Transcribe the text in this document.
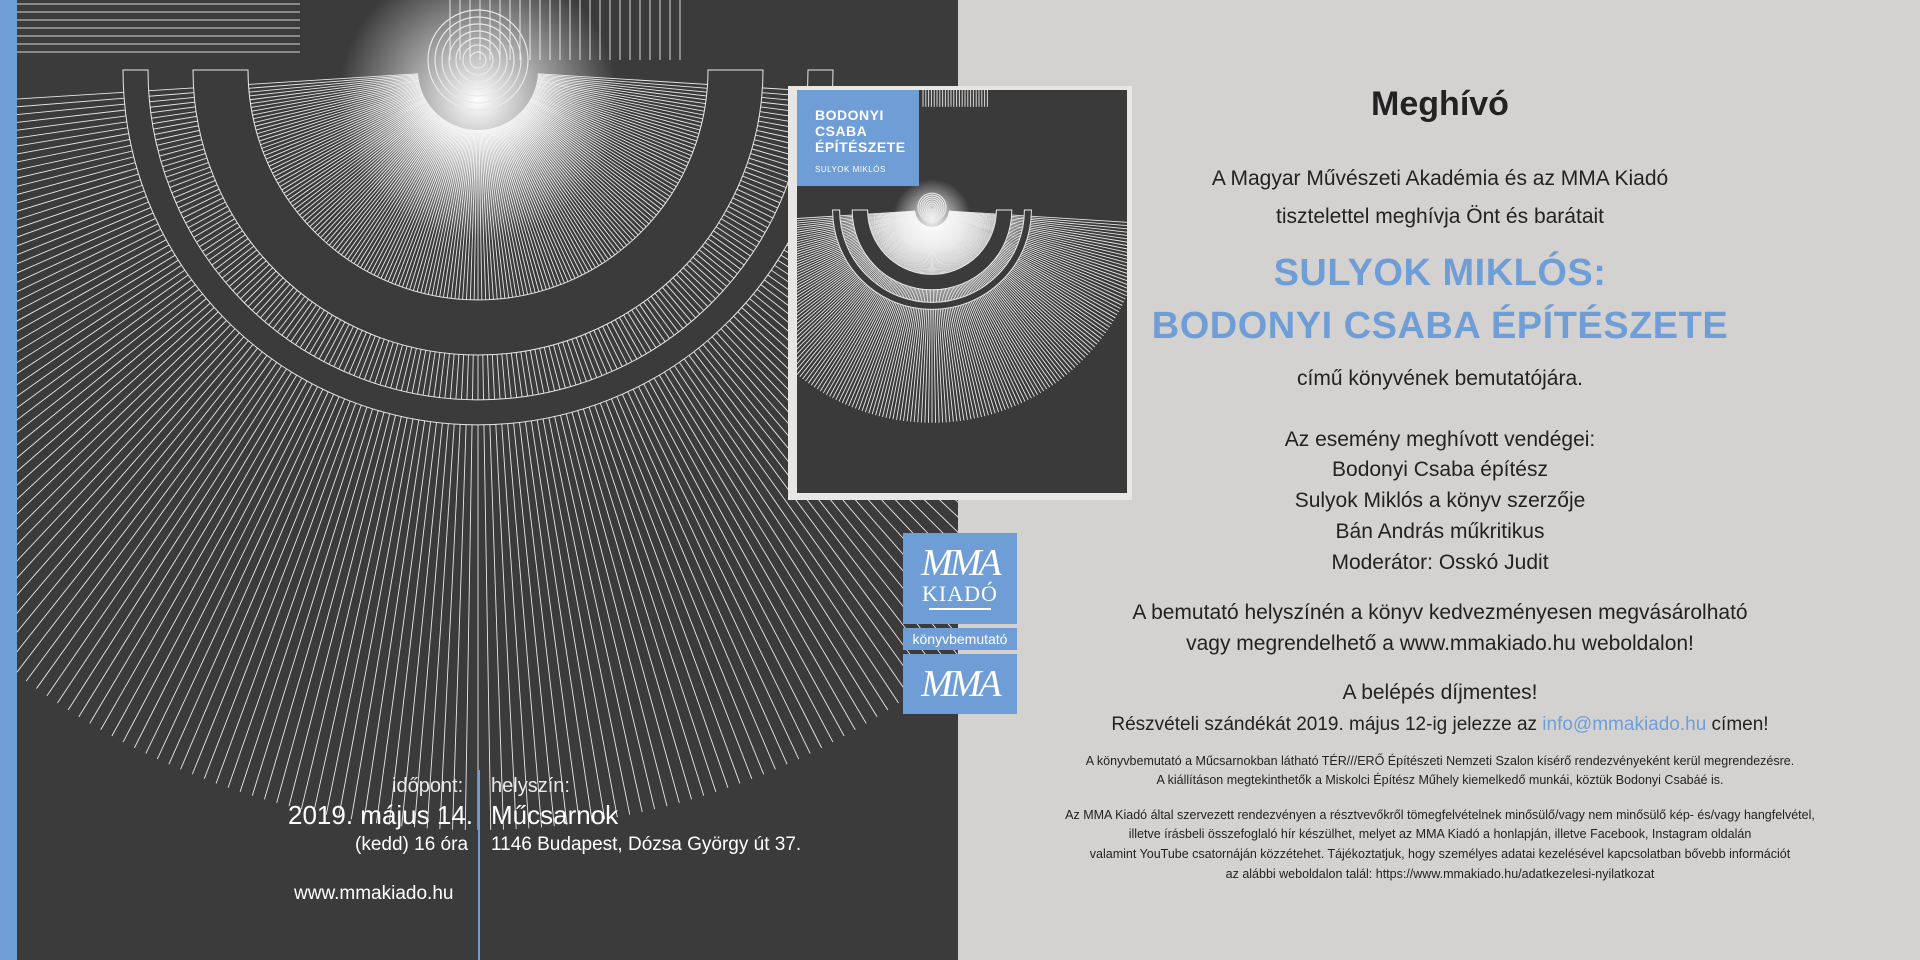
időpont:
2019. május 14.
(kedd) 16 óra
www.mmakiado.hu
helyszín:
Műcsarnok
1146 Budapest, Dózsa György út 37.
BODONYI
CSABA
ÉPÍTÉSZETE
SULYOK MIKLÓS
MMA
KIADÓ
könyvbemutató
MMA
Meghívó
A Magyar Művészeti Akadémia és az MMA Kiadó
tisztelettel meghívja Önt és barátait
SULYOK MIKLÓS:
BODONYI CSABA ÉPÍTÉSZETE
című könyvének bemutatójára.
Az esemény meghívott vendégei:
Bodonyi Csaba építész
Sulyok Miklós a könyv szerzője
Bán András műkritikus
Moderátor: Osskó Judit
A bemutató helyszínén a könyv kedvezményesen megvásárolható
vagy megrendelhető a www.mmakiado.hu weboldalon!
A belépés díjmentes!
Részvételi szándékát 2019. május 12-ig jelezze az info@mmakiado.hu címen!
A könyvbemutató a Műcsarnokban látható TÉR///ERŐ Építészeti Nemzeti Szalon kísérő rendezvényeként kerül megrendezésre.
A kiállításon megtekinthetők a Miskolci Építész Műhely kiemelkedő munkái, köztük Bodonyi Csabáé is.
Az MMA Kiadó által szervezett rendezvényen a résztvevőkről tömegfelvételnek minősülő/vagy nem minősülő kép- és/vagy hangfelvétel,
illetve írásbeli összefoglaló hír készülhet, melyet az MMA Kiadó a honlapján, illetve Facebook, Instagram oldalán
valamint YouTube csatornáján közzétehet. Tájékoztatjuk, hogy személyes adatai kezelésével kapcsolatban bővebb információt
az alábbi weboldalon talál: https://www.mmakiado.hu/adatkezelesi-nyilatkozat
